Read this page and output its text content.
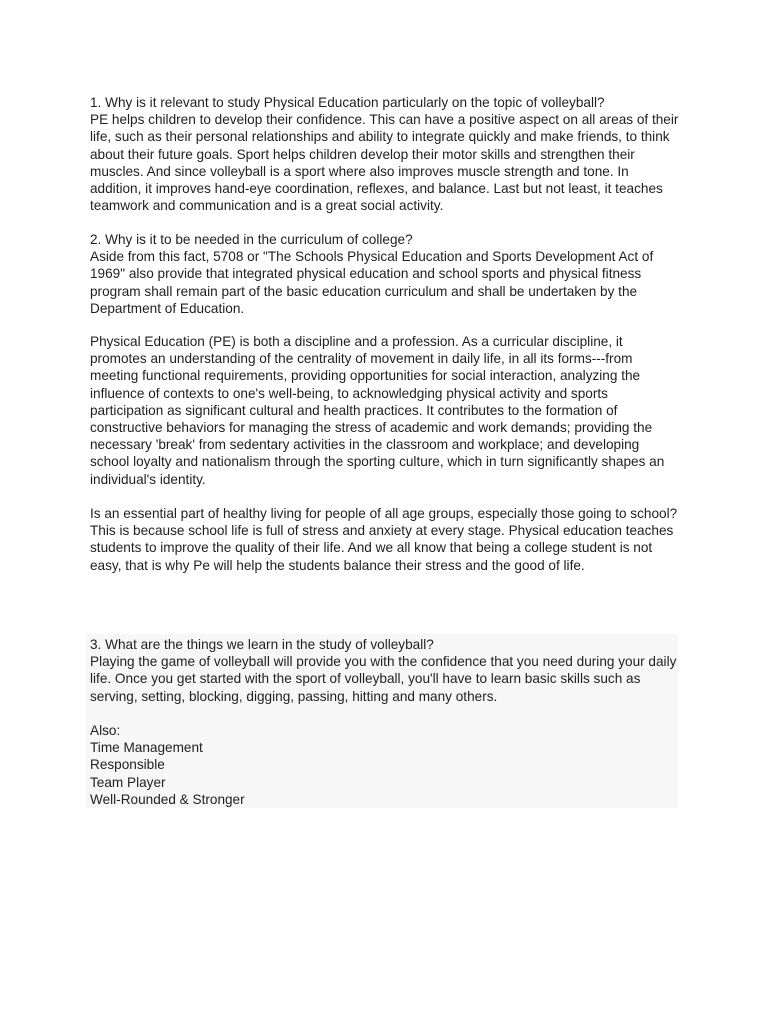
1. Why is it relevant to study Physical Education particularly on the topic of volleyball?

PE helps children to develop their confidence. This can have a positive aspect on all areas of their life, such as their personal relationships and ability to integrate quickly and make friends, to think about their future goals. Sport helps children develop their motor skills and strengthen their muscles. And since volleyball is a sport where also improves muscle strength and tone. In addition, it improves hand-eye coordination, reflexes, and balance. Last but not least, it teaches teamwork and communication and is a great social activity.

2. Why is it to be needed in the curriculum of college?

Aside from this fact, 5708 or "The Schools Physical Education and Sports Development Act of 1969" also provide that integrated physical education and school sports and physical fitness program shall remain part of the basic education curriculum and shall be undertaken by the Department of Education.

Physical Education (PE) is both a discipline and a profession. As a curricular discipline, it promotes an understanding of the centrality of movement in daily life, in all its forms---from meeting functional requirements, providing opportunities for social interaction, analyzing the influence of contexts to one's well-being, to acknowledging physical activity and sports participation as significant cultural and health practices. It contributes to the formation of constructive behaviors for managing the stress of academic and work demands; providing the necessary 'break' from sedentary activities in the classroom and workplace; and developing school loyalty and nationalism through the sporting culture, which in turn significantly shapes an individual's identity.

Is an essential part of healthy living for people of all age groups, especially those going to school? This is because school life is full of stress and anxiety at every stage. Physical education teaches students to improve the quality of their life. And we all know that being a college student is not easy, that is why Pe will help the students balance their stress and the good of life.

3. What are the things we learn in the study of volleyball?

Playing the game of volleyball will provide you with the confidence that you need during your daily life. Once you get started with the sport of volleyball, you'll have to learn basic skills such as serving, setting, blocking, digging, passing, hitting and many others.

Also:

Time Management

Responsible

Team Player

Well-Rounded & Stronger
